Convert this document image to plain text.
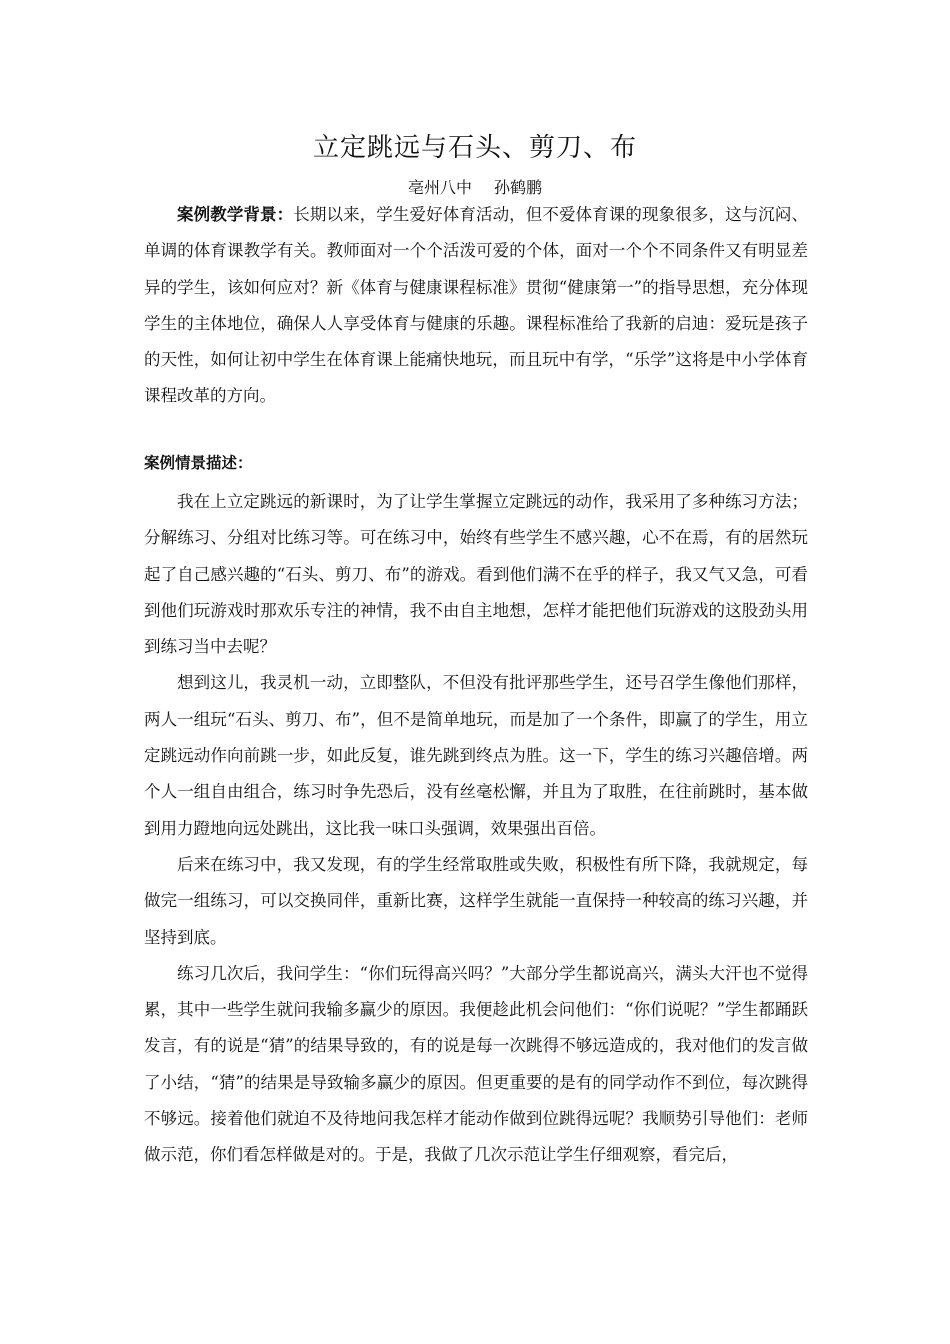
立定跳远与石头、剪刀、布
亳州八中 孙鹤鹏

案例教学背景：长期以来，学生爱好体育活动，但不爱体育课的现象很多，这与沉闷、单调的体育课教学有关。教师面对一个个活泼可爱的个体，面对一个个不同条件又有明显差异的学生，该如何应对？新《体育与健康课程标准》贯彻“健康第一”的指导思想，充分体现学生的主体地位，确保人人享受体育与健康的乐趣。课程标准给了我新的启迪：爱玩是孩子的天性，如何让初中学生在体育课上能痛快地玩，而且玩中有学，“乐学”这将是中小学体育课程改革的方向。

案例情景描述：

我在上立定跳远的新课时，为了让学生掌握立定跳远的动作，我采用了多种练习方法；分解练习、分组对比练习等。可在练习中，始终有些学生不感兴趣，心不在焉，有的居然玩起了自己感兴趣的“石头、剪刀、布”的游戏。看到他们满不在乎的样子，我又气又急，可看到他们玩游戏时那欢乐专注的神情，我不由自主地想，怎样才能把他们玩游戏的这股劲头用到练习当中去呢？

想到这儿，我灵机一动，立即整队，不但没有批评那些学生，还号召学生像他们那样，两人一组玩“石头、剪刀、布”，但不是简单地玩，而是加了一个条件，即赢了的学生，用立定跳远动作向前跳一步，如此反复，谁先跳到终点为胜。这一下，学生的练习兴趣倍增。两个人一组自由组合，练习时争先恐后，没有丝毫松懈，并且为了取胜，在往前跳时，基本做到用力蹬地向远处跳出，这比我一味口头强调，效果强出百倍。

后来在练习中，我又发现，有的学生经常取胜或失败，积极性有所下降，我就规定，每做完一组练习，可以交换同伴，重新比赛，这样学生就能一直保持一种较高的练习兴趣，并坚持到底。

练习几次后，我问学生：“你们玩得高兴吗？”大部分学生都说高兴，满头大汗也不觉得累，其中一些学生就问我输多赢少的原因。我便趁此机会问他们：“你们说呢？”学生都踊跃发言，有的说是“猜”的结果导致的，有的说是每一次跳得不够远造成的，我对他们的发言做了小结，“猜”的结果是导致输多赢少的原因。但更重要的是有的同学动作不到位，每次跳得不够远。接着他们就迫不及待地问我怎样才能动作做到位跳得远呢？我顺势引导他们：老师做示范，你们看怎样做是对的。于是，我做了几次示范让学生仔细观察，看完后，
